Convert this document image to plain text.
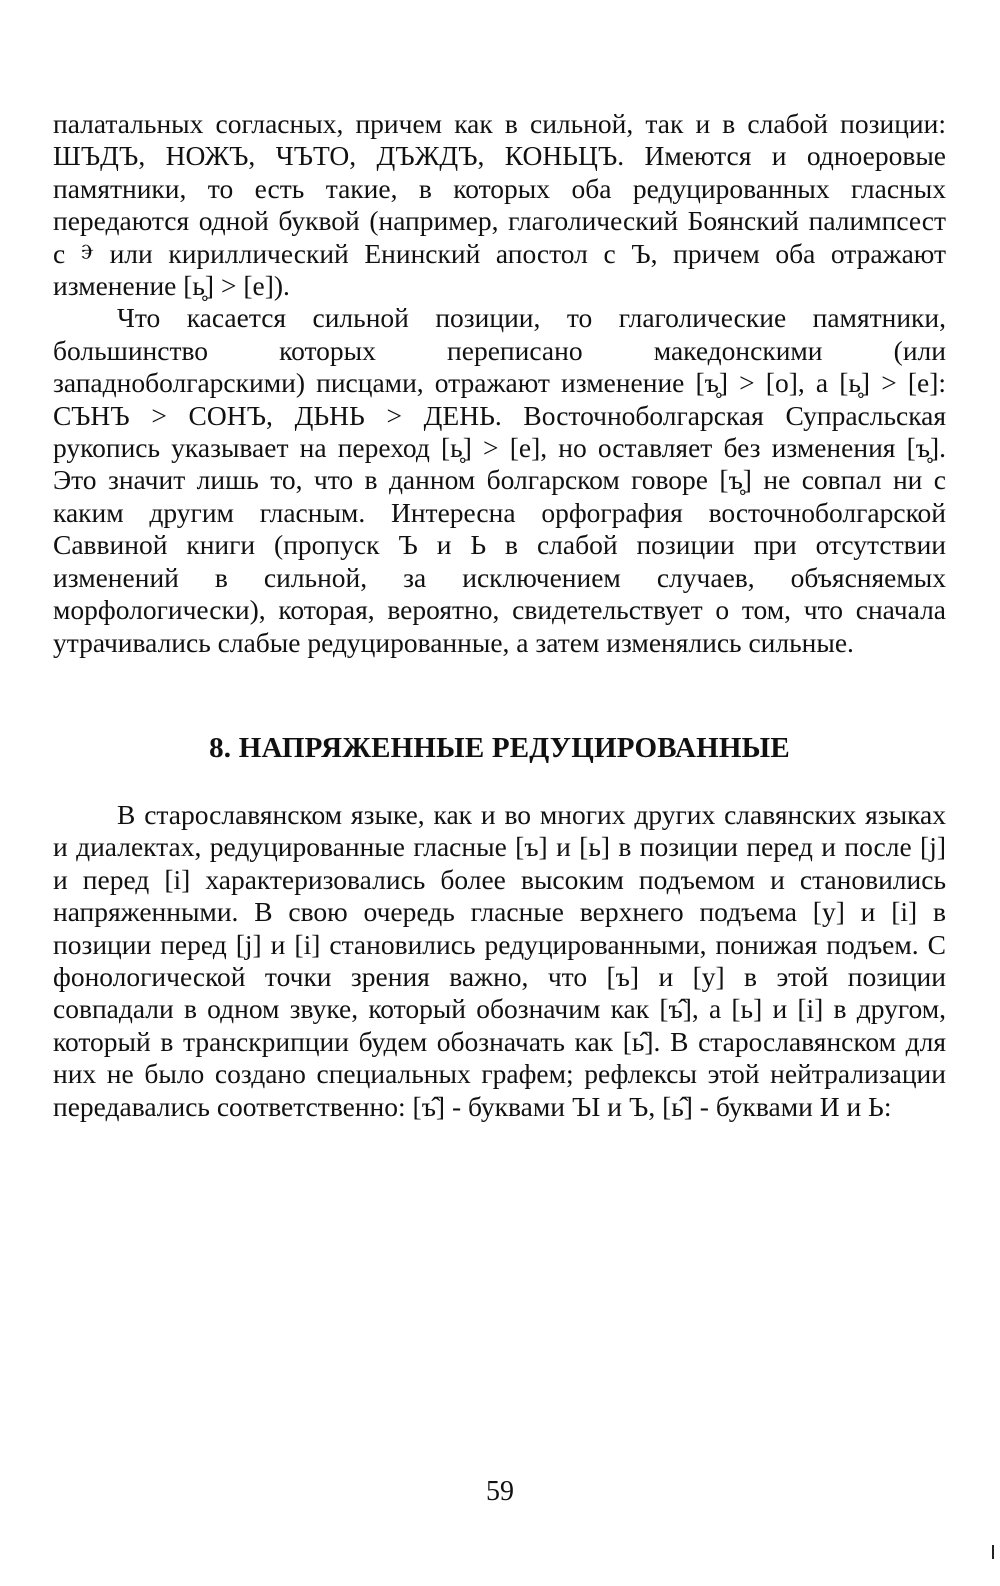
палатальных согласных, причем как в сильной, так и в слабой позиции: ШЪДЪ, НОЖЪ, ЧЪТО, ДЪЖДЪ, КОНЬЦЪ. Имеются и одноеровые памятники, то есть такие, в которых оба редуцированных гласных передаются одной буквой (например, глаголический Боянский палимпсест с ⰵ или кириллический Енинский апостол с Ъ, причем оба отражают изменение [ь̥] > [e]).

Что касается сильной позиции, то глаголические памятники, большинство которых переписано македонскими (или западноболгарскими) писцами, отражают изменение [ъ̥] > [o], а [ь̥] > [e]: СЪНЪ > СОНЪ, ДЬНЬ > ДЕНЬ. Восточноболгарская Супрасльская рукопись указывает на переход [ь̥] > [e], но оставляет без изменения [ъ̥]. Это значит лишь то, что в данном болгарском говоре [ъ̥] не совпал ни с каким другим гласным. Интересна орфография восточноболгарской Саввиной книги (пропуск Ъ и Ь в слабой позиции при отсутствии изменений в сильной, за исключением случаев, объясняемых морфологически), которая, вероятно, свидетельствует о том, что сначала утрачивались слабые редуцированные, а затем изменялись сильные.

8. НАПРЯЖЕННЫЕ РЕДУЦИРОВАННЫЕ

В старославянском языке, как и во многих других славянских языках и диалектах, редуцированные гласные [ъ] и [ь] в позиции перед и после [j] и перед [i] характеризовались более высоким подъемом и становились напряженными. В свою очередь гласные верхнего подъема [y] и [i] в позиции перед [j] и [i] становились редуцированными, понижая подъем. С фонологической точки зрения важно, что [ъ] и [y] в этой позиции совпадали в одном звуке, который обозначим как [ъ̂], а [ь] и [i] в другом, который в транскрипции будем обозначать как [ь̂]. В старославянском для них не было создано специальных графем; рефлексы этой нейтрализации передавались соответственно: [ъ̂] - буквами ЪІ и Ъ, [ь̂] - буквами И и Ь:

59
